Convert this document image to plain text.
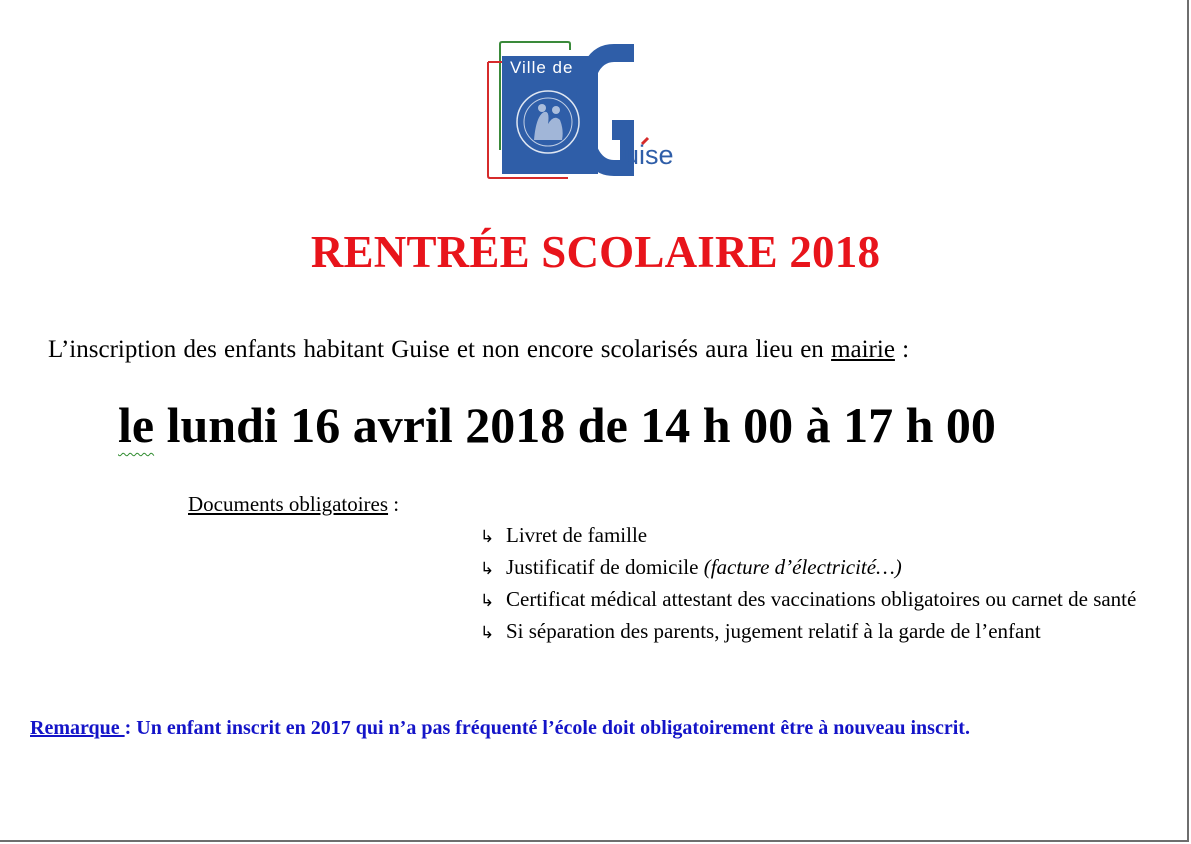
Ville de
uise
RENTRÉE SCOLAIRE 2018
L’inscription des enfants habitant Guise et non encore scolarisés aura lieu en mairie :
le lundi 16 avril 2018 de 14 h 00 à 17 h 00
Documents obligatoires :
↳ Livret de famille
↳ Justificatif de domicile (facture d’électricité…)
↳ Certificat médical attestant des vaccinations obligatoires ou carnet de santé
↳ Si séparation des parents, jugement relatif à la garde de l’enfant
Remarque : Un enfant inscrit en 2017 qui n’a pas fréquenté l’école doit obligatoirement être à nouveau inscrit.
